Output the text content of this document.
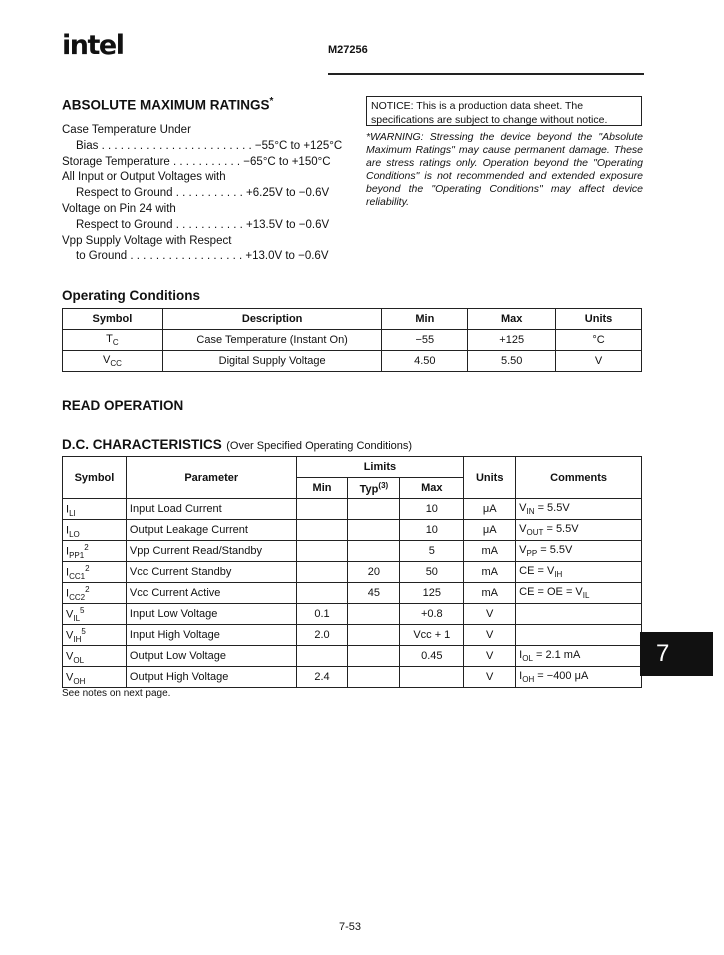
intel	M27256
ABSOLUTE MAXIMUM RATINGS*
Case Temperature Under
Bias . . . . . . . . . . . . . . . . . . . . . . . . −55°C to +125°C
Storage Temperature . . . . . . . . . . . −65°C to +150°C
All Input or Output Voltages with
Respect to Ground . . . . . . . . . . . +6.25V to −0.6V
Voltage on Pin 24 with
Respect to Ground . . . . . . . . . . . +13.5V to −0.6V
Vpp Supply Voltage with Respect
to Ground . . . . . . . . . . . . . . . . . . +13.0V to −0.6V
NOTICE: This is a production data sheet. The specifications are subject to change without notice.
*WARNING: Stressing the device beyond the "Absolute Maximum Ratings" may cause permanent damage. These are stress ratings only. Operation beyond the "Operating Conditions" is not recommended and extended exposure beyond the "Operating Conditions" may affect device reliability.
Operating Conditions
Symbol	Description	Min	Max	Units
$T_C$	Case Temperature (Instant On)	−55	+125	°C
$V_{CC}$	Digital Supply Voltage	4.50	5.50	V
READ OPERATION
D.C. CHARACTERISTICS (Over Specified Operating Conditions)
Symbol	Parameter	Limits			Units	Comments
		Min	Typ$^{(3)}$	Max		
$I_{LI}$	Input Load Current			10	μA	$V_{IN} = 5.5V$
$I_{LO}$	Output Leakage Current			10	μA	$V_{OUT} = 5.5V$
$I_{PP1}^2$	Vpp Current Read/Standby			5	mA	$V_{PP} = 5.5V$
$I_{CC1}^2$	Vcc Current Standby		20	50	mA	CE = $V_{IH}$
$I_{CC2}^2$	Vcc Current Active		45	125	mA	CE = OE = $V_{IL}$
$V_{IL}^5$	Input Low Voltage	0.1		+0.8	V	
$V_{IH}^5$	Input High Voltage	2.0		Vcc + 1	V	
$V_{OL}$	Output Low Voltage			0.45	V	$I_{OL} = 2.1$ mA
$V_{OH}$	Output High Voltage	2.4			V	$I_{OH} = -400$ μA
7
See notes on next page.
7-53
